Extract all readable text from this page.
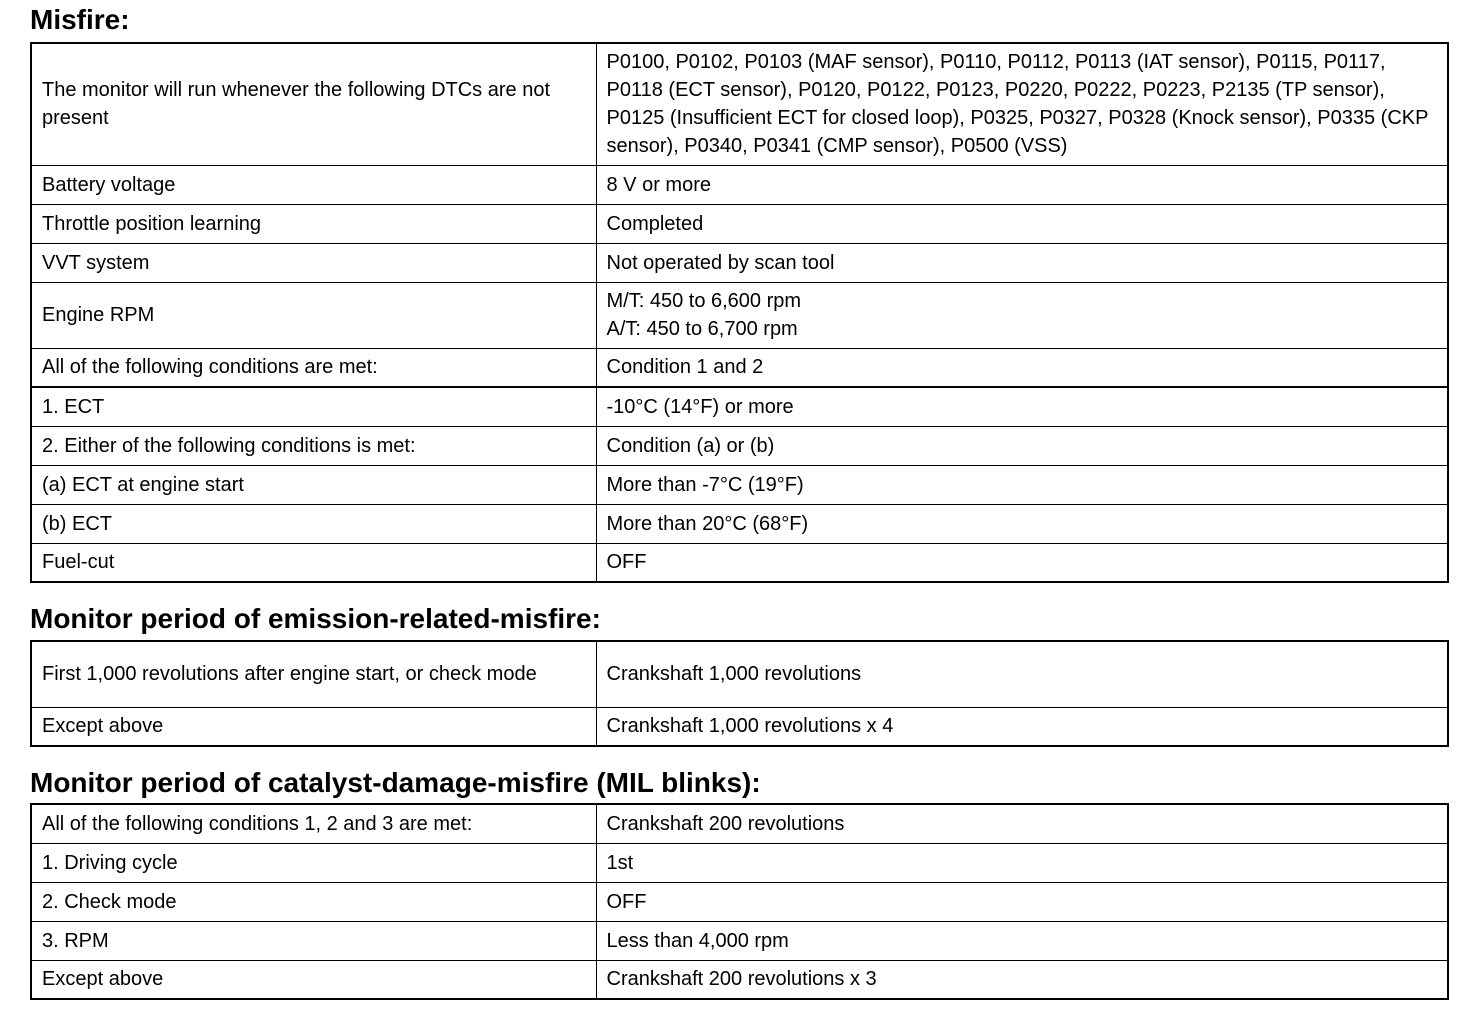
Misfire:
The monitor will run whenever the following DTCs are not present	P0100, P0102, P0103 (MAF sensor), P0110, P0112, P0113 (IAT sensor), P0115, P0117, P0118 (ECT sensor), P0120, P0122, P0123, P0220, P0222, P0223, P2135 (TP sensor), P0125 (Insufficient ECT for closed loop), P0325, P0327, P0328 (Knock sensor), P0335 (CKP sensor), P0340, P0341 (CMP sensor), P0500 (VSS)
Battery voltage	8 V or more
Throttle position learning	Completed
VVT system	Not operated by scan tool
Engine RPM	M/T: 450 to 6,600 rpm
A/T: 450 to 6,700 rpm
All of the following conditions are met:	Condition 1 and 2
1. ECT	-10°C (14°F) or more
2. Either of the following conditions is met:	Condition (a) or (b)
(a) ECT at engine start	More than -7°C (19°F)
(b) ECT	More than 20°C (68°F)
Fuel-cut	OFF
Monitor period of emission-related-misfire:
First 1,000 revolutions after engine start, or check mode	Crankshaft 1,000 revolutions
Except above	Crankshaft 1,000 revolutions x 4
Monitor period of catalyst-damage-misfire (MIL blinks):
All of the following conditions 1, 2 and 3 are met:	Crankshaft 200 revolutions
1. Driving cycle	1st
2. Check mode	OFF
3. RPM	Less than 4,000 rpm
Except above	Crankshaft 200 revolutions x 3
